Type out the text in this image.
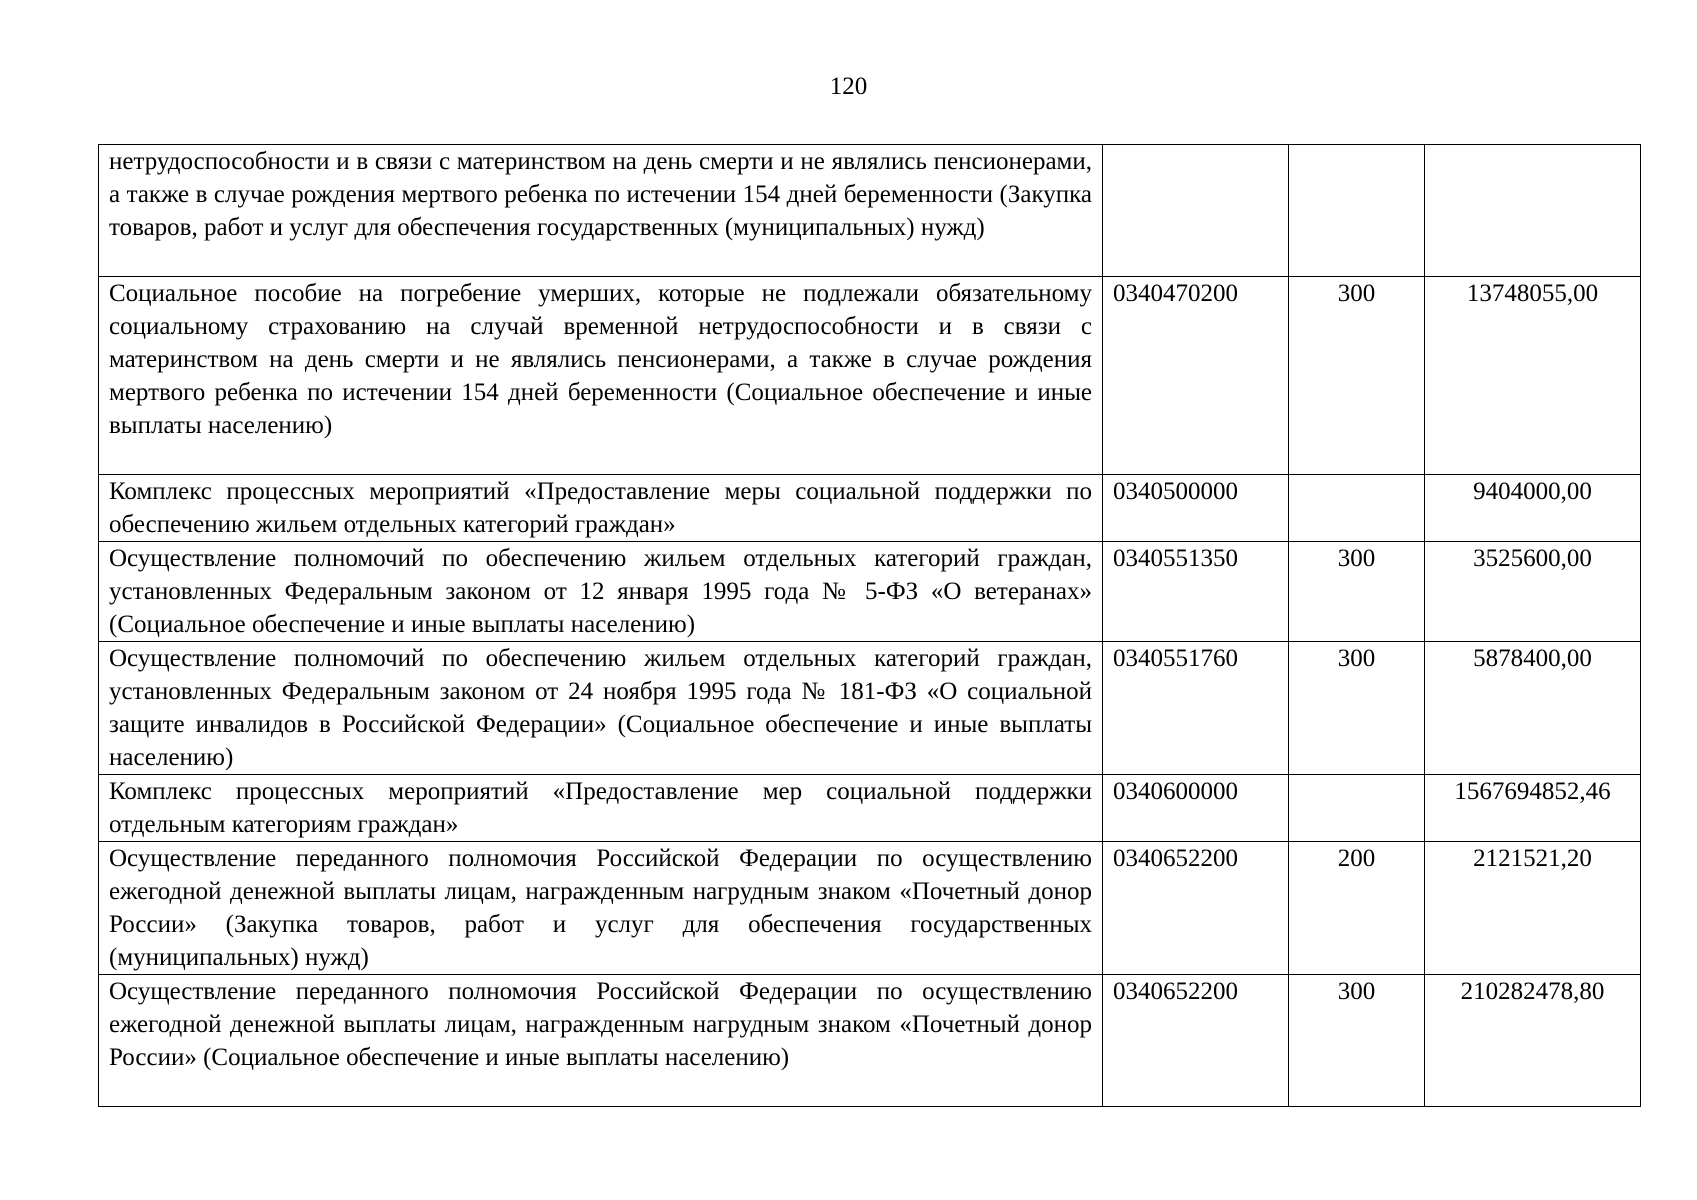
120
нетрудоспособности и в связи с материнством на день смерти и не являлись пенсионерами, а также в случае рождения мертвого ребенка по истечении 154 дней беременности (Закупка товаров, работ и услуг для обеспечения государственных (муниципальных) нужд)			
Социальное пособие на погребение умерших, которые не подлежали обязательному социальному страхованию на случай временной нетрудоспособности и в связи с материнством на день смерти и не являлись пенсионерами, а также в случае рождения мертвого ребенка по истечении 154 дней беременности (Социальное обеспечение и иные выплаты населению)	0340470200	300	13748055,00
Комплекс процессных мероприятий «Предоставление меры социальной поддержки по обеспечению жильем отдельных категорий граждан»	0340500000		9404000,00
Осуществление полномочий по обеспечению жильем отдельных категорий граждан, установленных Федеральным законом от 12 января 1995 года № 5-ФЗ «О ветеранах» (Социальное обеспечение и иные выплаты населению)	0340551350	300	3525600,00
Осуществление полномочий по обеспечению жильем отдельных категорий граждан, установленных Федеральным законом от 24 ноября 1995 года № 181-ФЗ «О социальной защите инвалидов в Российской Федерации» (Социальное обеспечение и иные выплаты населению)	0340551760	300	5878400,00
Комплекс процессных мероприятий «Предоставление мер социальной поддержки отдельным категориям граждан»	0340600000		1567694852,46
Осуществление переданного полномочия Российской Федерации по осуществлению ежегодной денежной выплаты лицам, награжденным нагрудным знаком «Почетный донор России» (Закупка товаров, работ и услуг для обеспечения государственных (муниципальных) нужд)	0340652200	200	2121521,20
Осуществление переданного полномочия Российской Федерации по осуществлению ежегодной денежной выплаты лицам, награжденным нагрудным знаком «Почетный донор России» (Социальное обеспечение и иные выплаты населению)	0340652200	300	210282478,80
